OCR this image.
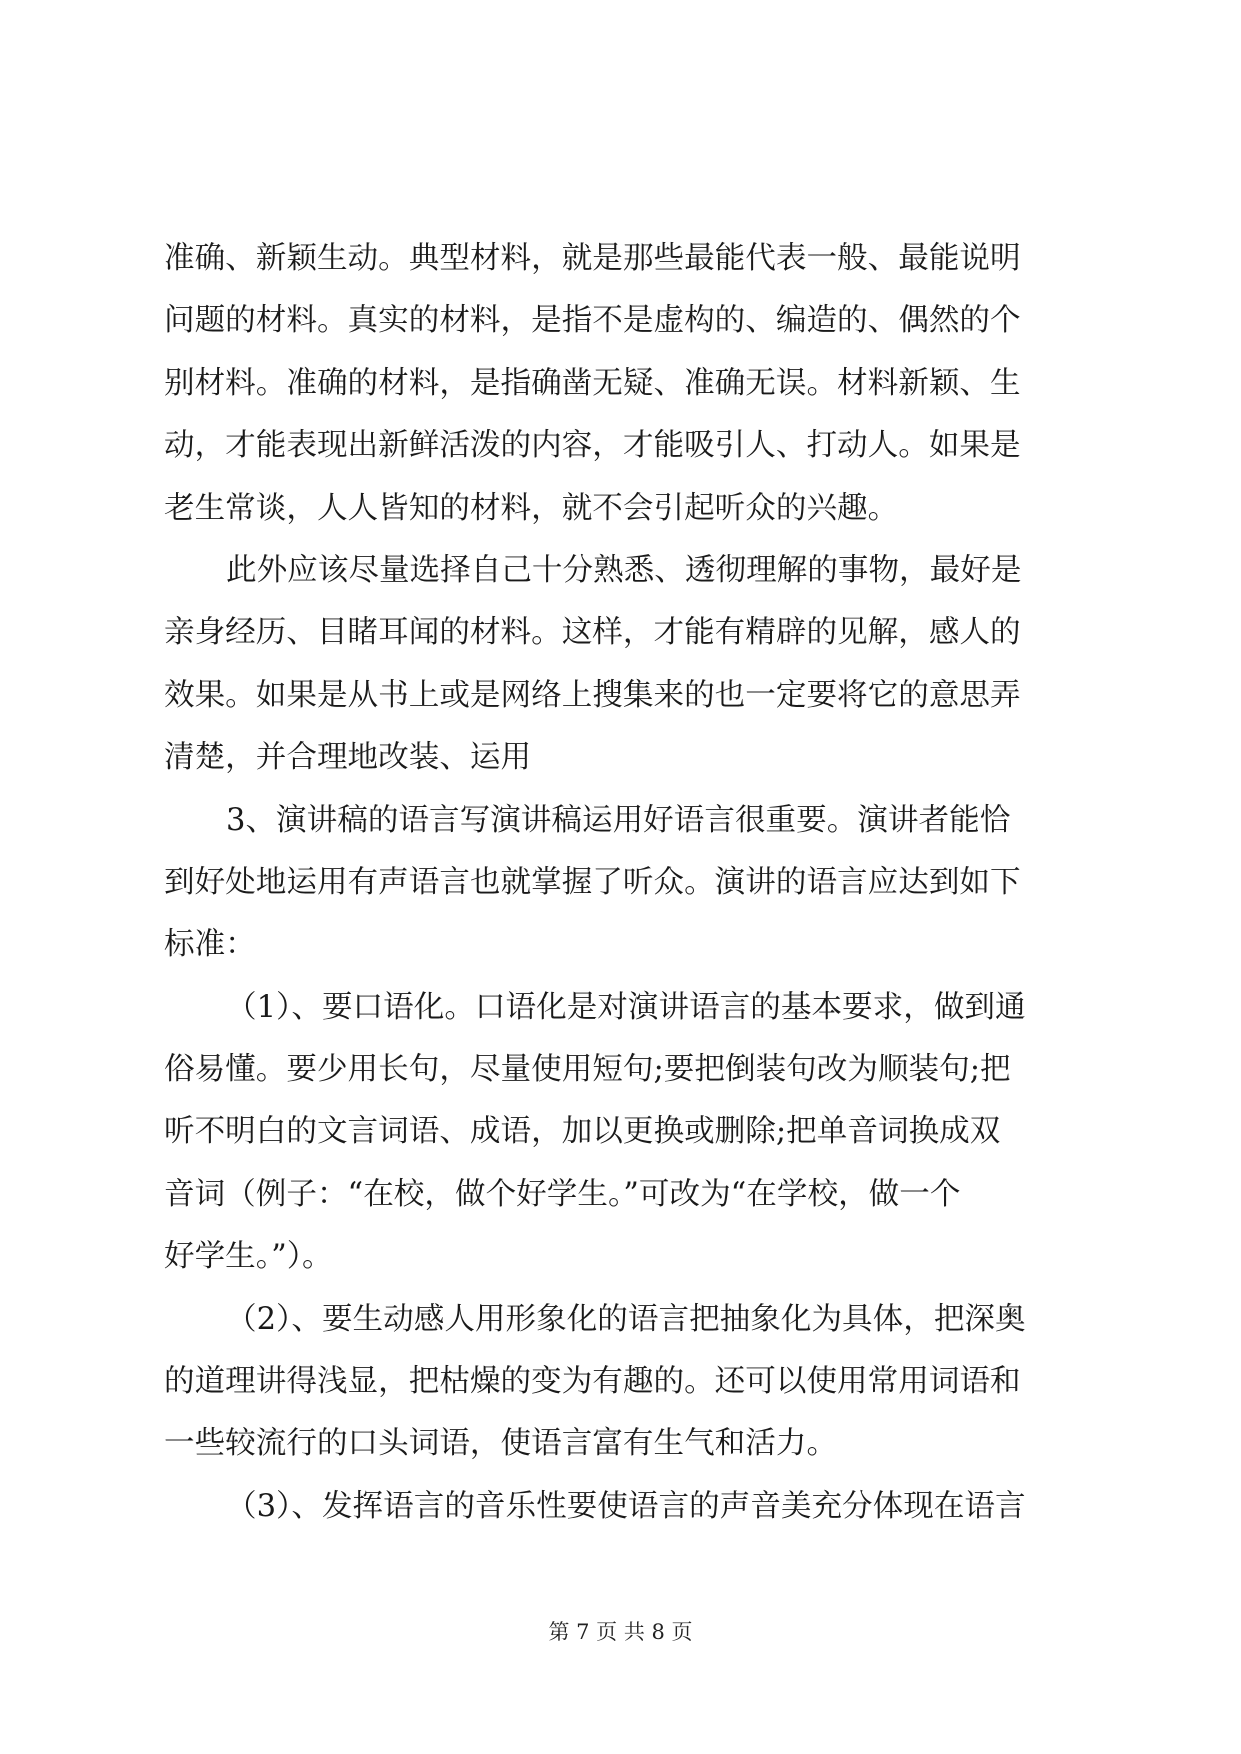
准确、新颖生动。典型材料，就是那些最能代表一般、最能说明
问题的材料。真实的材料，是指不是虚构的、编造的、偶然的个
别材料。准确的材料，是指确凿无疑、准确无误。材料新颖、生
动，才能表现出新鲜活泼的内容，才能吸引人、打动人。如果是
老生常谈，人人皆知的材料，就不会引起听众的兴趣。
此外应该尽量选择自己十分熟悉、透彻理解的事物，最好是
亲身经历、目睹耳闻的材料。这样，才能有精辟的见解，感人的
效果。如果是从书上或是网络上搜集来的也一定要将它的意思弄
清楚，并合理地改装、运用
3、演讲稿的语言写演讲稿运用好语言很重要。演讲者能恰
到好处地运用有声语言也就掌握了听众。演讲的语言应达到如下
标准：
（1）、要口语化。口语化是对演讲语言的基本要求，做到通
俗易懂。要少用长句，尽量使用短句;要把倒装句改为顺装句;把
听不明白的文言词语、成语，加以更换或删除;把单音词换成双
音词（例子：“在校，做个好学生。”可改为“在学校，做一个
好学生。”）。
（2）、要生动感人用形象化的语言把抽象化为具体，把深奥
的道理讲得浅显，把枯燥的变为有趣的。还可以使用常用词语和
一些较流行的口头词语，使语言富有生气和活力。
（3）、发挥语言的音乐性要使语言的声音美充分体现在语言
第 7 页 共 8 页
